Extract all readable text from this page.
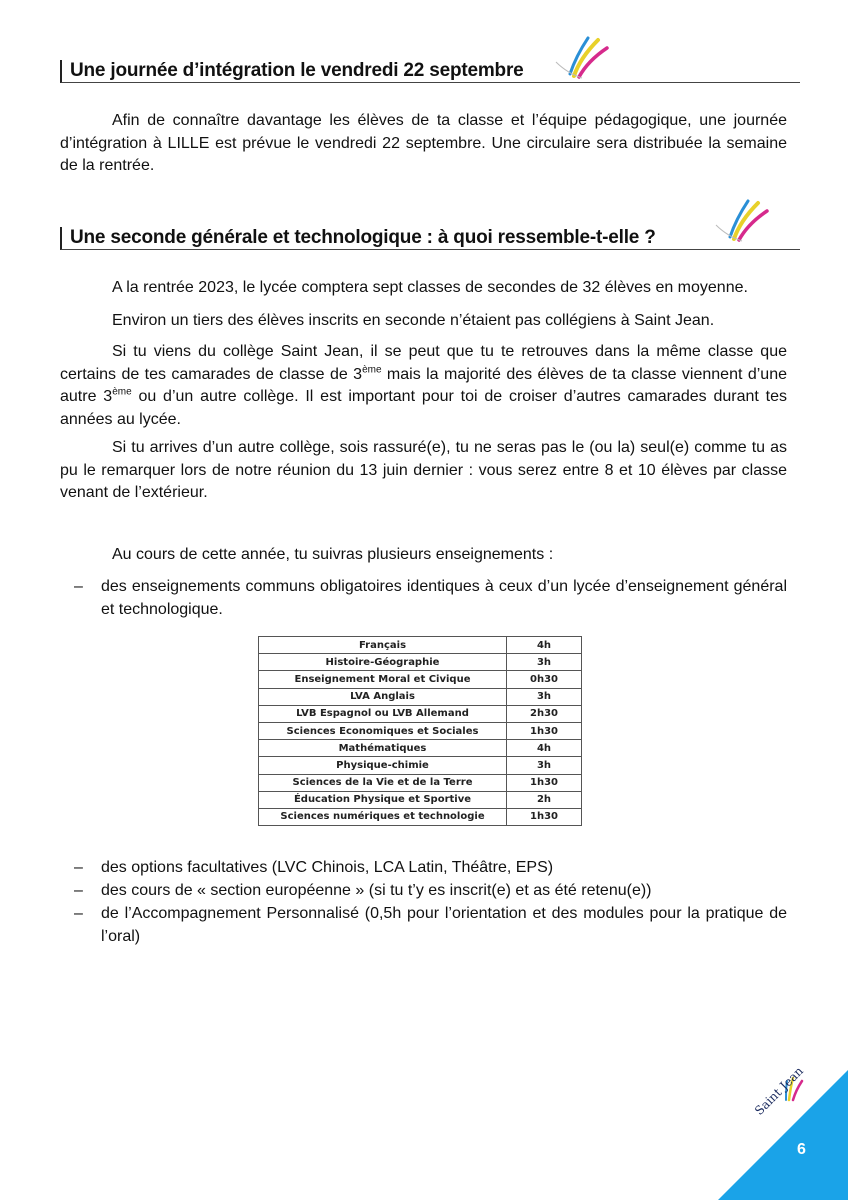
Une journée d’intégration le vendredi 22 septembre
Afin de connaître davantage les élèves de ta classe et l’équipe pédagogique, une journée d’intégration à LILLE est prévue le vendredi 22 septembre. Une circulaire sera distribuée la semaine de la rentrée.
Une seconde générale et technologique : à quoi ressemble-t-elle ?
A la rentrée 2023, le lycée comptera sept classes de secondes de 32 élèves en moyenne.
Environ un tiers des élèves inscrits en seconde n’étaient pas collégiens à Saint Jean.
Si tu viens du collège Saint Jean, il se peut que tu te retrouves dans la même classe que certains de tes camarades de classe de 3ème mais la majorité des élèves de ta classe viennent d’une autre 3ème ou d’un autre collège. Il est important pour toi de croiser d’autres camarades durant tes années au lycée.
Si tu arrives d’un autre collège, sois rassuré(e), tu ne seras pas le (ou la) seul(e) comme tu as pu le remarquer lors de notre réunion du 13 juin dernier : vous serez entre 8 et 10 élèves par classe venant de l’extérieur.
Au cours de cette année, tu suivras plusieurs enseignements :
– des enseignements communs obligatoires identiques à ceux d’un lycée d’enseignement général et technologique.
Français	4h
Histoire-Géographie	3h
Enseignement Moral et Civique	0h30
LVA Anglais	3h
LVB Espagnol ou LVB Allemand	2h30
Sciences Economiques et Sociales	1h30
Mathématiques	4h
Physique-chimie	3h
Sciences de la Vie et de la Terre	1h30
Éducation Physique et Sportive	2h
Sciences numériques et technologie	1h30
– des options facultatives (LVC Chinois, LCA Latin, Théâtre, EPS)
– des cours de « section européenne » (si tu t’y es inscrit(e) et as été retenu(e))
– de l’Accompagnement Personnalisé (0,5h pour l’orientation et des modules pour la pratique de l’oral)
Saint Jean
6
